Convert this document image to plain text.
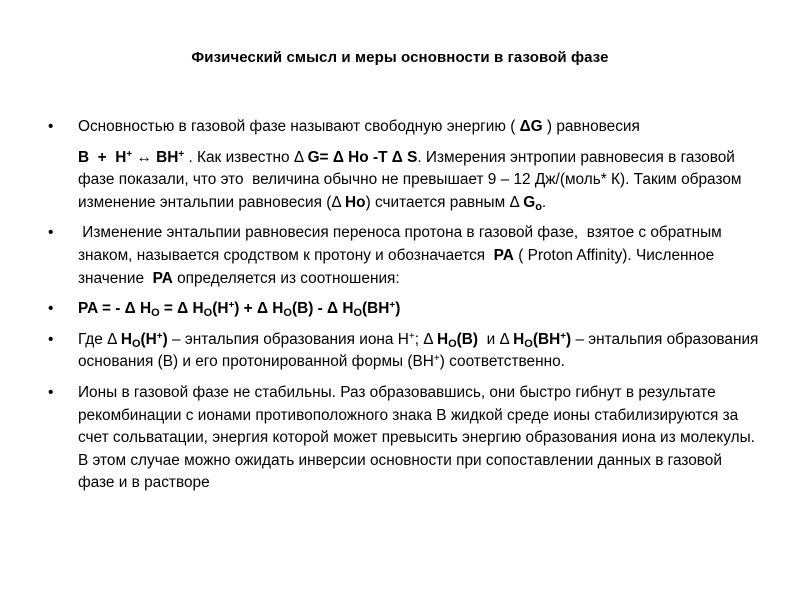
Физический смысл и меры основности в газовой фазе
• Основностью в газовой фазе называют свободную энергию ( ΔG ) равновесия

B  +  H+ ↔ BH+ . Как известно Δ G= Δ Ho -T Δ S. Измерения энтропии равновесия в газовой фазе показали, что это  величина обычно не превышает 9 – 12 Дж/(моль* К). Таким образом изменение энтальпии равновесия (Δ Ho) считается равным Δ $G_o$.

• Изменение энтальпии равновесия переноса протона в газовой фазе,  взятое с обратным знаком, называется сродством к протону и обозначается  PA ( Proton Affinity). Численное значение  PA определяется из соотношения:

• PA = - Δ $H_O = \Delta$ $H_O(H^+) + \Delta$ $H_O(B)$ - Δ $H_O(BH^+)$

• Где Δ $H_O(H^+)$ – энтальпия образования иона H+; Δ $H_O(B)$  и Δ $H_O(BH^+)$ – энтальпия образования основания (B) и его протонированной формы (BH+) соответственно.

• Ионы в газовой фазе не стабильны. Раз образовавшись, они быстро гибнут в результате рекомбинации с ионами противоположного знака В жидкой среде ионы стабилизируются за счет сольватации, энергия которой может превысить энергию образования иона из молекулы. В этом случае можно ожидать инверсии основности при сопоставлении данных в газовой фазе и в растворе
